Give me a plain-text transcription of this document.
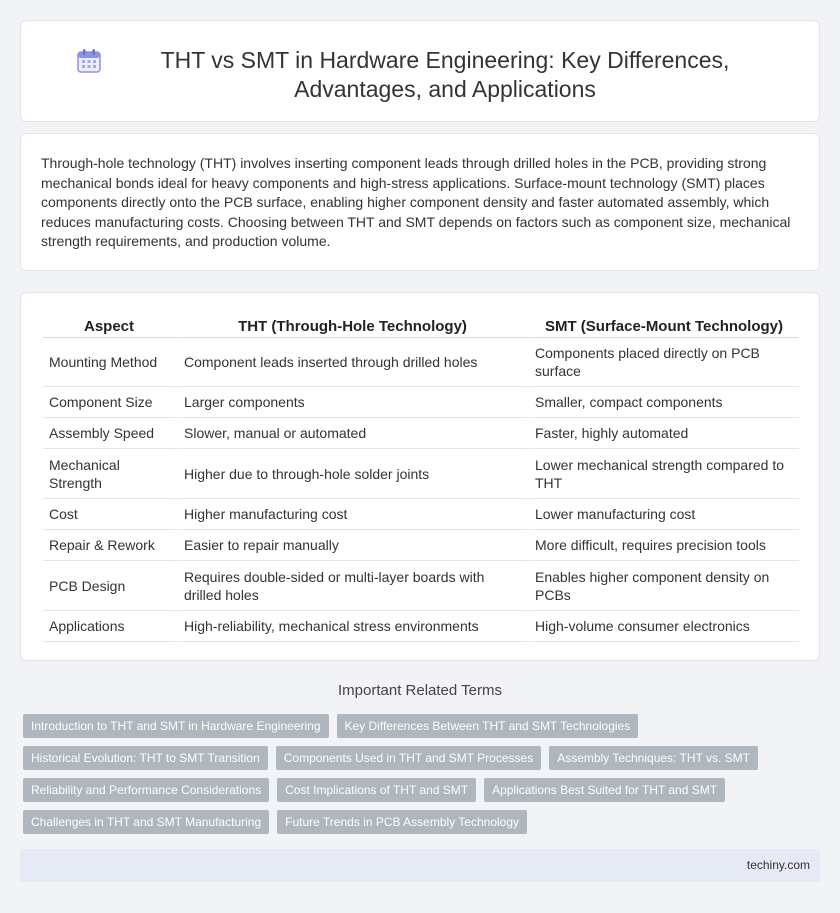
THT vs SMT in Hardware Engineering: Key Differences, Advantages, and Applications

Through-hole technology (THT) involves inserting component leads through drilled holes in the PCB, providing strong mechanical bonds ideal for heavy components and high-stress applications. Surface-mount technology (SMT) places components directly onto the PCB surface, enabling higher component density and faster automated assembly, which reduces manufacturing costs. Choosing between THT and SMT depends on factors such as component size, mechanical strength requirements, and production volume.

Aspect	THT (Through-Hole Technology)	SMT (Surface-Mount Technology)
Mounting Method	Component leads inserted through drilled holes	Components placed directly on PCB surface
Component Size	Larger components	Smaller, compact components
Assembly Speed	Slower, manual or automated	Faster, highly automated
Mechanical Strength	Higher due to through-hole solder joints	Lower mechanical strength compared to THT
Cost	Higher manufacturing cost	Lower manufacturing cost
Repair & Rework	Easier to repair manually	More difficult, requires precision tools
PCB Design	Requires double-sided or multi-layer boards with drilled holes	Enables higher component density on PCBs
Applications	High-reliability, mechanical stress environments	High-volume consumer electronics
Important Related Terms
Introduction to THT and SMT in Hardware Engineering	Key Differences Between THT and SMT Technologies
Historical Evolution: THT to SMT Transition	Components Used in THT and SMT Processes	Assembly Techniques: THT vs. SMT
Reliability and Performance Considerations	Cost Implications of THT and SMT	Applications Best Suited for THT and SMT
Challenges in THT and SMT Manufacturing	Future Trends in PCB Assembly Technology
techiny.com
